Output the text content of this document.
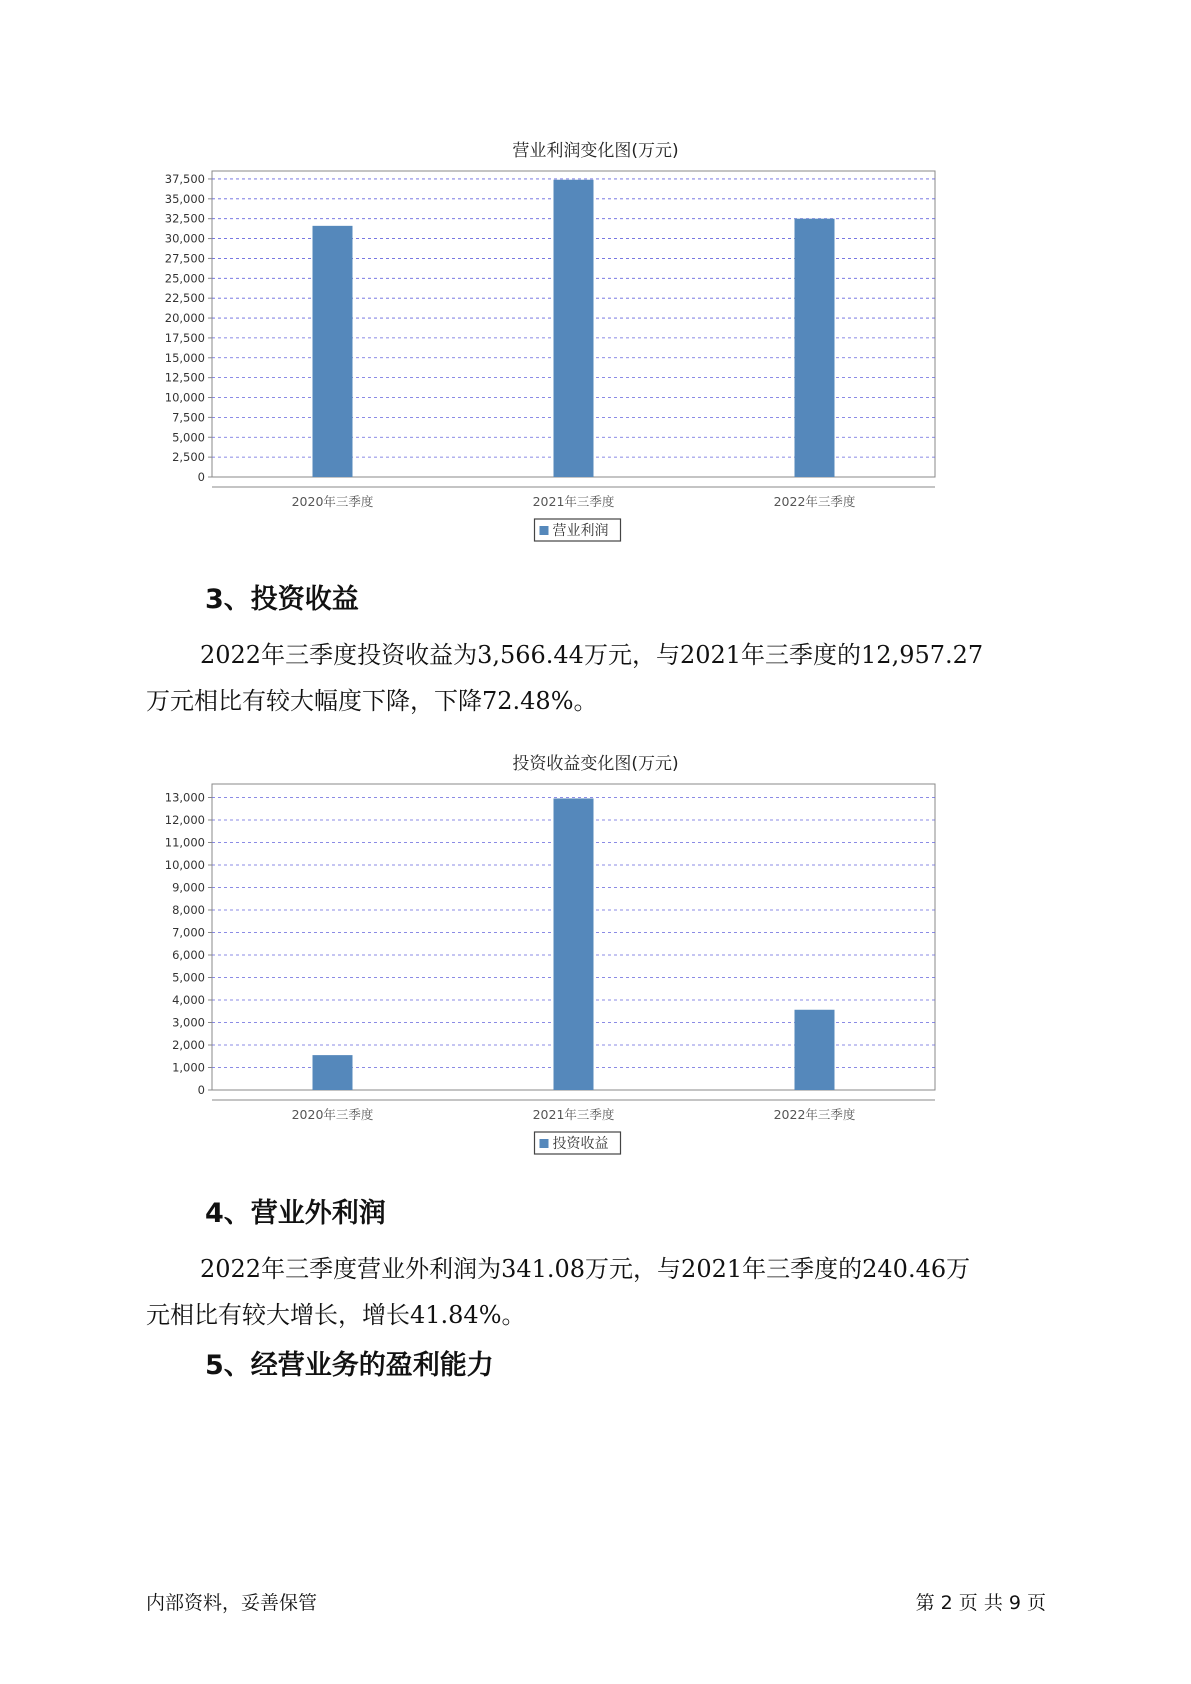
营业利润变化图(万元)
0
2,500
5,000
7,500
10,000
12,500
15,000
17,500
20,000
22,500
25,000
27,500
30,000
32,500
35,000
37,500
2020年三季度	2021年三季度	2022年三季度
营业利润
3、投资收益
2022年三季度投资收益为3,566.44万元，与2021年三季度的12,957.27
万元相比有较大幅度下降，下降72.48%。
投资收益变化图(万元)
0
1,000
2,000
3,000
4,000
5,000
6,000
7,000
8,000
9,000
10,000
11,000
12,000
13,000
2020年三季度	2021年三季度	2022年三季度
投资收益
4、营业外利润
2022年三季度营业外利润为341.08万元，与2021年三季度的240.46万
元相比有较大增长，增长41.84%。
5、经营业务的盈利能力
内部资料，妥善保管	第 2 页 共 9 页
